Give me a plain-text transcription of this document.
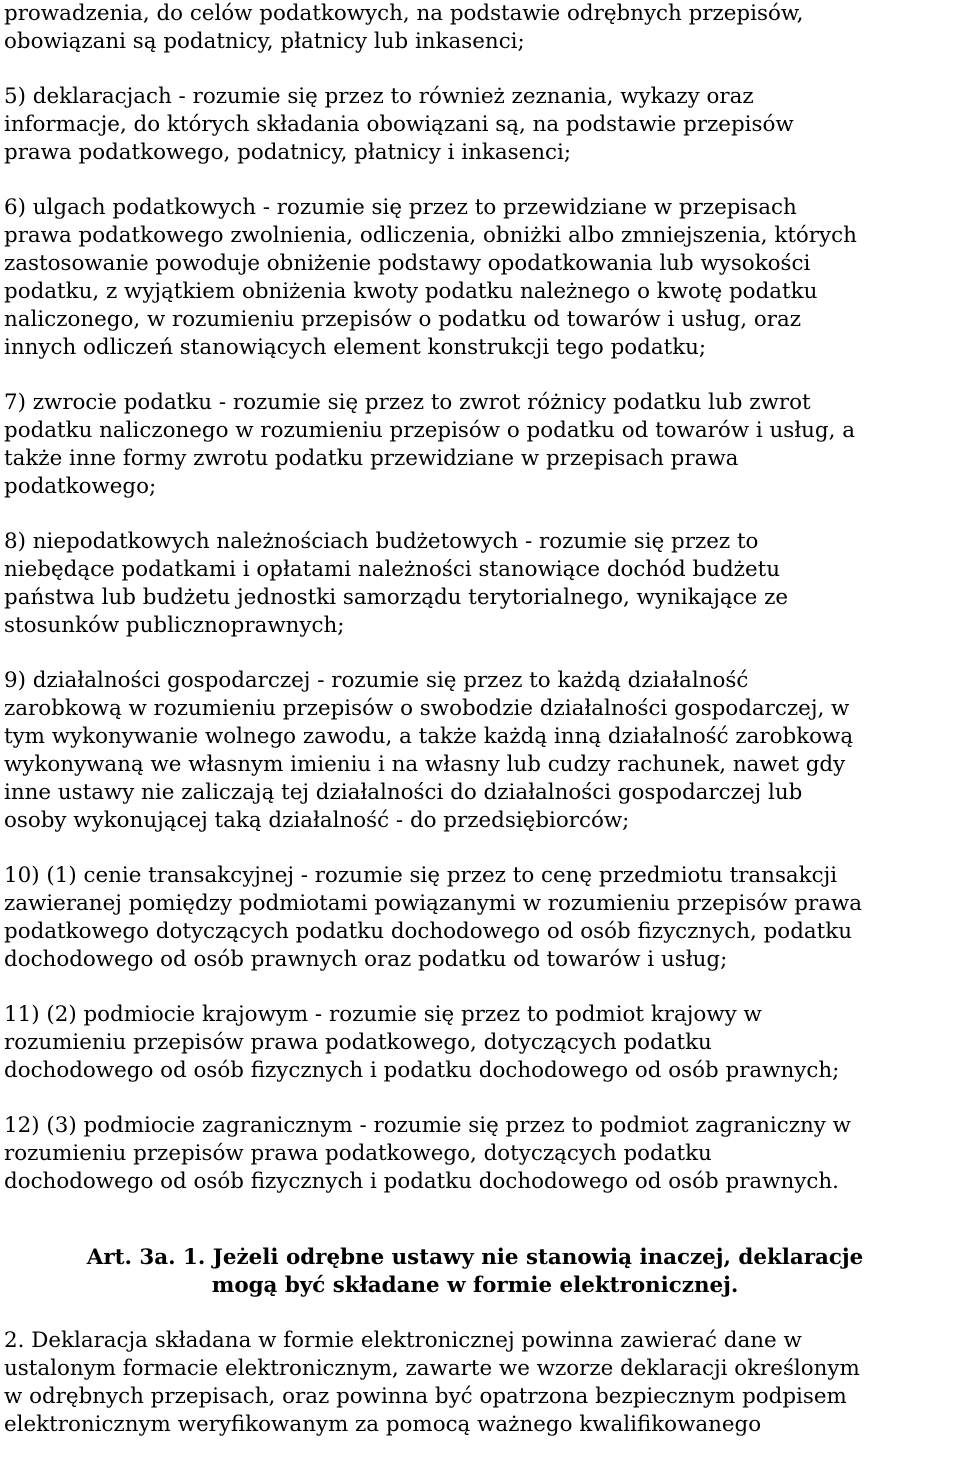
prowadzenia, do celów podatkowych, na podstawie odrębnych przepisów,
obowiązani są podatnicy, płatnicy lub inkasenci;
5) deklaracjach - rozumie się przez to również zeznania, wykazy oraz
informacje, do których składania obowiązani są, na podstawie przepisów
prawa podatkowego, podatnicy, płatnicy i inkasenci;
6) ulgach podatkowych - rozumie się przez to przewidziane w przepisach
prawa podatkowego zwolnienia, odliczenia, obniżki albo zmniejszenia, których
zastosowanie powoduje obniżenie podstawy opodatkowania lub wysokości
podatku, z wyjątkiem obniżenia kwoty podatku należnego o kwotę podatku
naliczonego, w rozumieniu przepisów o podatku od towarów i usług, oraz
innych odliczeń stanowiących element konstrukcji tego podatku;
7) zwrocie podatku - rozumie się przez to zwrot różnicy podatku lub zwrot
podatku naliczonego w rozumieniu przepisów o podatku od towarów i usług, a
także inne formy zwrotu podatku przewidziane w przepisach prawa
podatkowego;
8) niepodatkowych należnościach budżetowych - rozumie się przez to
niebędące podatkami i opłatami należności stanowiące dochód budżetu
państwa lub budżetu jednostki samorządu terytorialnego, wynikające ze
stosunków publicznoprawnych;
9) działalności gospodarczej - rozumie się przez to każdą działalność
zarobkową w rozumieniu przepisów o swobodzie działalności gospodarczej, w
tym wykonywanie wolnego zawodu, a także każdą inną działalność zarobkową
wykonywaną we własnym imieniu i na własny lub cudzy rachunek, nawet gdy
inne ustawy nie zaliczają tej działalności do działalności gospodarczej lub
osoby wykonującej taką działalność - do przedsiębiorców;
10) (1) cenie transakcyjnej - rozumie się przez to cenę przedmiotu transakcji
zawieranej pomiędzy podmiotami powiązanymi w rozumieniu przepisów prawa
podatkowego dotyczących podatku dochodowego od osób fizycznych, podatku
dochodowego od osób prawnych oraz podatku od towarów i usług;
11) (2) podmiocie krajowym - rozumie się przez to podmiot krajowy w
rozumieniu przepisów prawa podatkowego, dotyczących podatku
dochodowego od osób fizycznych i podatku dochodowego od osób prawnych;
12) (3) podmiocie zagranicznym - rozumie się przez to podmiot zagraniczny w
rozumieniu przepisów prawa podatkowego, dotyczących podatku
dochodowego od osób fizycznych i podatku dochodowego od osób prawnych.
Art. 3a. 1. Jeżeli odrębne ustawy nie stanowią inaczej, deklaracje
mogą być składane w formie elektronicznej.
2. Deklaracja składana w formie elektronicznej powinna zawierać dane w
ustalonym formacie elektronicznym, zawarte we wzorze deklaracji określonym
w odrębnych przepisach, oraz powinna być opatrzona bezpiecznym podpisem
elektronicznym weryfikowanym za pomocą ważnego kwalifikowanego
